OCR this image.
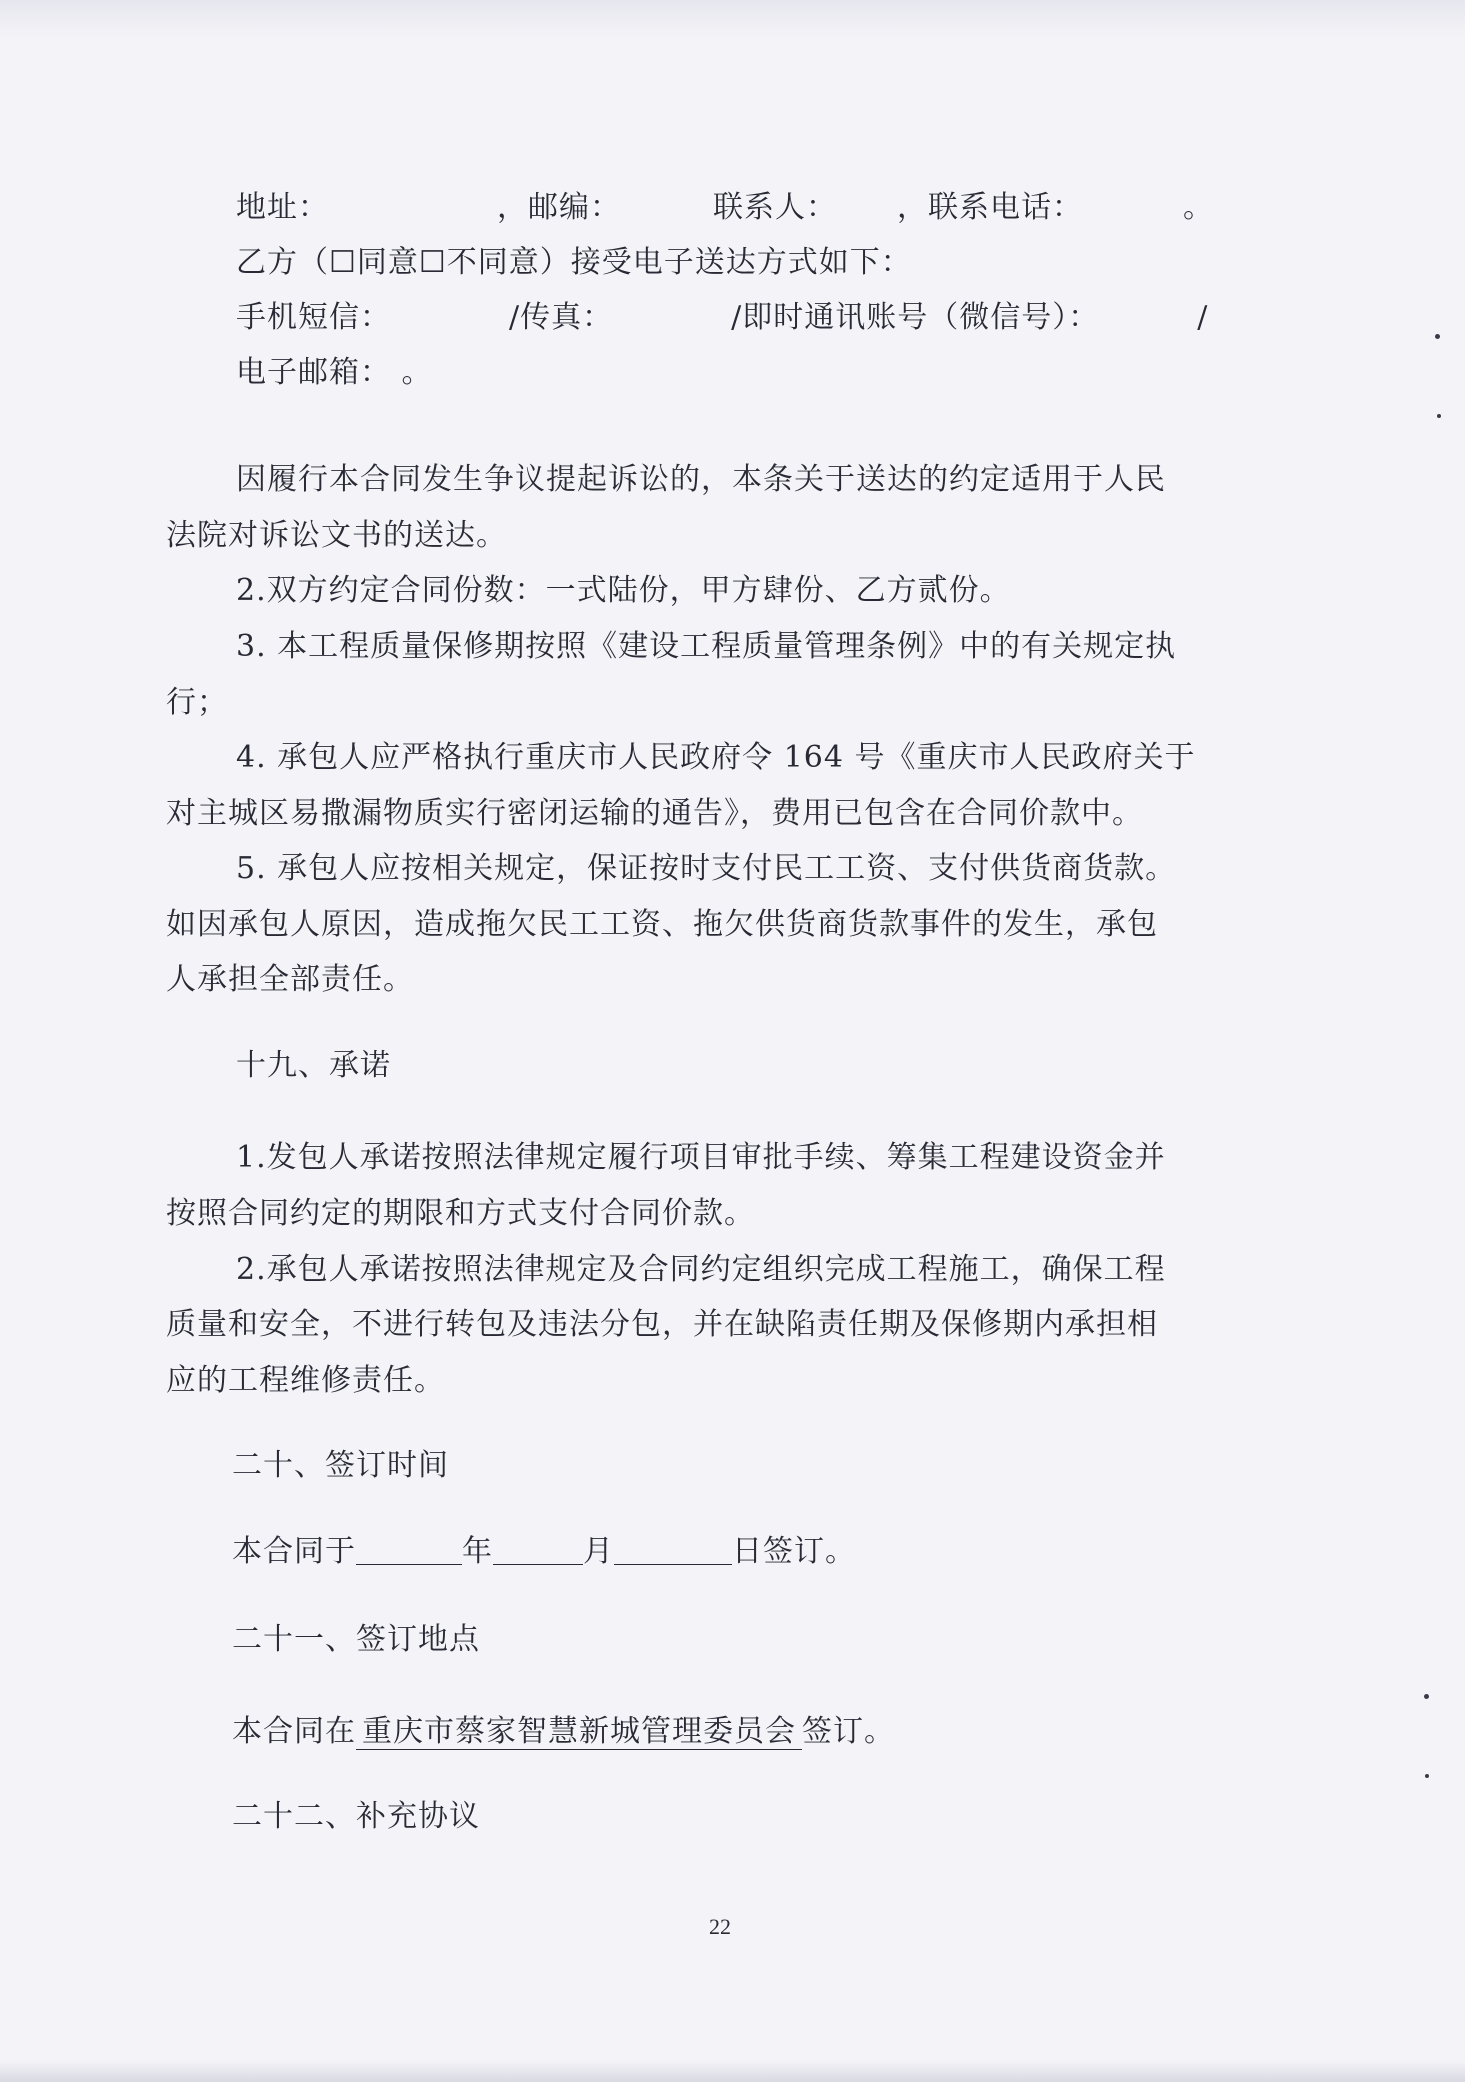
地址：	，邮编：	联系人： ，联系电话：	。
乙方（☐同意☐不同意）接受电子送达方式如下：
手机短信：	/传真：	/即时通讯账号（微信号）：	/
电子邮箱： 。
因履行本合同发生争议提起诉讼的，本条关于送达的约定适用于人民
法院对诉讼文书的送达。
2.双方约定合同份数：一式陆份，甲方肆份、乙方贰份。
3. 本工程质量保修期按照《建设工程质量管理条例》中的有关规定执
行；
4. 承包人应严格执行重庆市人民政府令 164 号《重庆市人民政府关于
对主城区易撒漏物质实行密闭运输的通告》，费用已包含在合同价款中。
5. 承包人应按相关规定，保证按时支付民工工资、支付供货商货款。
如因承包人原因，造成拖欠民工工资、拖欠供货商货款事件的发生，承包
人承担全部责任。
十九、承诺
1.发包人承诺按照法律规定履行项目审批手续、筹集工程建设资金并
按照合同约定的期限和方式支付合同价款。
2.承包人承诺按照法律规定及合同约定组织完成工程施工，确保工程
质量和安全，不进行转包及违法分包，并在缺陷责任期及保修期内承担相
应的工程维修责任。
二十、签订时间
本合同于	年	月	日签订。
二十一、签订地点
本合同在 重庆市蔡家智慧新城管理委员会 签订。
二十二、补充协议
22
